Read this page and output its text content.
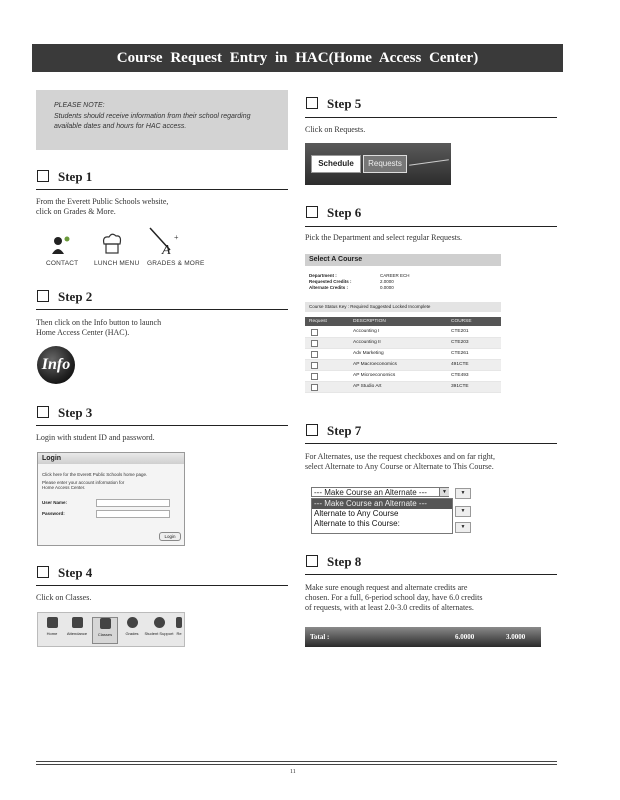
Course Request Entry in HAC(Home Access Center)
PLEASE NOTE:
Students should receive information from their school regarding available dates and hours for HAC access.
Step 1
From the Everett Public Schools website,
click on Grades & More.
CONTACT LUNCH MENU
A
+
GRADES & MORE
Step 2
Then click on the Info button to launch
Home Access Center (HAC).
Info
Step 3
Login with student ID and password.
Login
Click here for the Everett Public Schools home page.
Please enter your account information for Home Access Center.
User Name:
Password:
Login
Step 4
Click on Classes.
Home	Attendance	Classes	Grades	Student Support Re
Step 5
Click on Requests.
Schedule	Requests
Step 6
Pick the Department and select regular Requests.
Select A Course
Department :	CAREER ECH
Requested Credits :	2.0000
Alternate Credits :	0.0000
Course Status Key : Required Suggested Locked Incomplete
Request	DESCRIPTION	COURSE
Accounting I	CTE201
Accounting II	CTE203
Adv Marketing	CTE261
AP Macroeconomics	491CTE
AP Microeconomics	CTE493
AP Studio Art	391CTE
Step 7
For Alternates, use the request checkboxes and on far right,
select Alternate to Any Course or Alternate to This Course.
--- Make Course an Alternate ---	▼	▼
▼
▼
--- Make Course an Alternate ---
Alternate to Any Course
Alternate to this Course:
Step 8
Make sure enough request and alternate credits are
chosen. For a full, 6-period school day, have 6.0 credits
of requests, with at least 2.0-3.0 credits of alternates.
Total :	6.0000	3.0000
11
